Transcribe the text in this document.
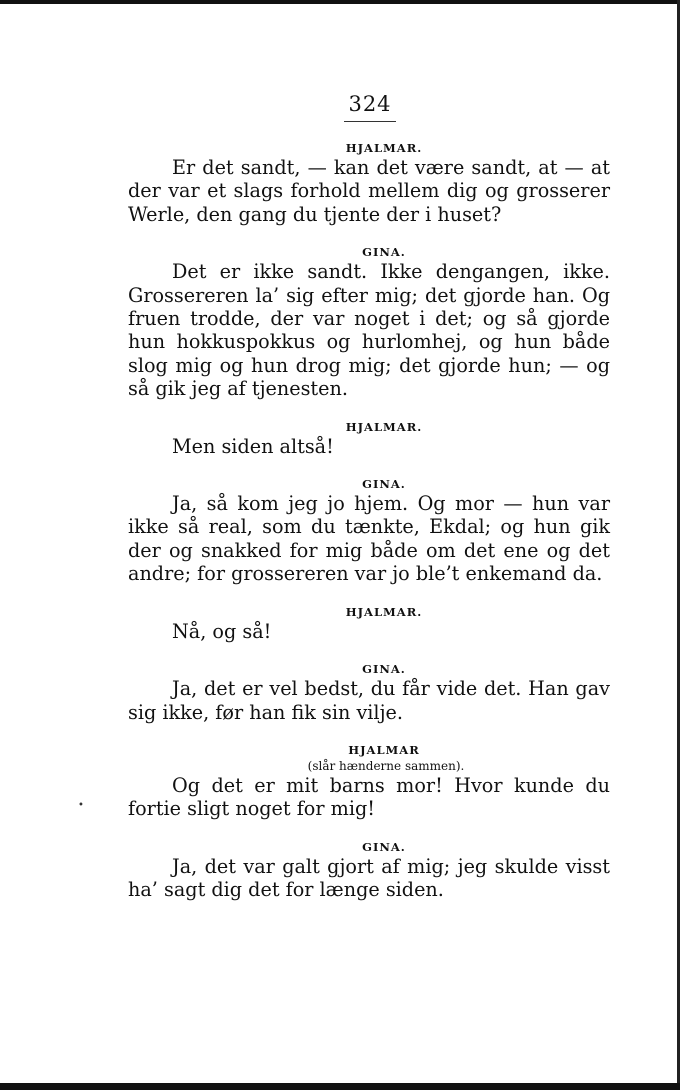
324
HJALMAR.

Er det sandt, — kan det være sandt, at — at der var et slags forhold mellem dig og grosserer Werle, den gang du tjente der i huset?

GINA.

Det er ikke sandt. Ikke dengangen, ikke. Grossereren la’ sig efter mig; det gjorde han. Og fruen trodde, der var noget i det; og så gjorde hun hokkuspokkus og hurlomhej, og hun både slog mig og hun drog mig; det gjorde hun; — og så gik jeg af tjenesten.

HJALMAR.

Men siden altså!

GINA.

Ja, så kom jeg jo hjem. Og mor — hun var ikke så real, som du tænkte, Ekdal; og hun gik der og snakked for mig både om det ene og det andre; for grossereren var jo ble’t enkemand da.

HJALMAR.

Nå, og så!

GINA.

Ja, det er vel bedst, du får vide det. Han gav sig ikke, før han fik sin vilje.

HJALMAR
(slår hænderne sammen).

Og det er mit barns mor! Hvor kunde du fortie sligt noget for mig!

GINA.

Ja, det var galt gjort af mig; jeg skulde visst ha’ sagt dig det for længe siden.

•
